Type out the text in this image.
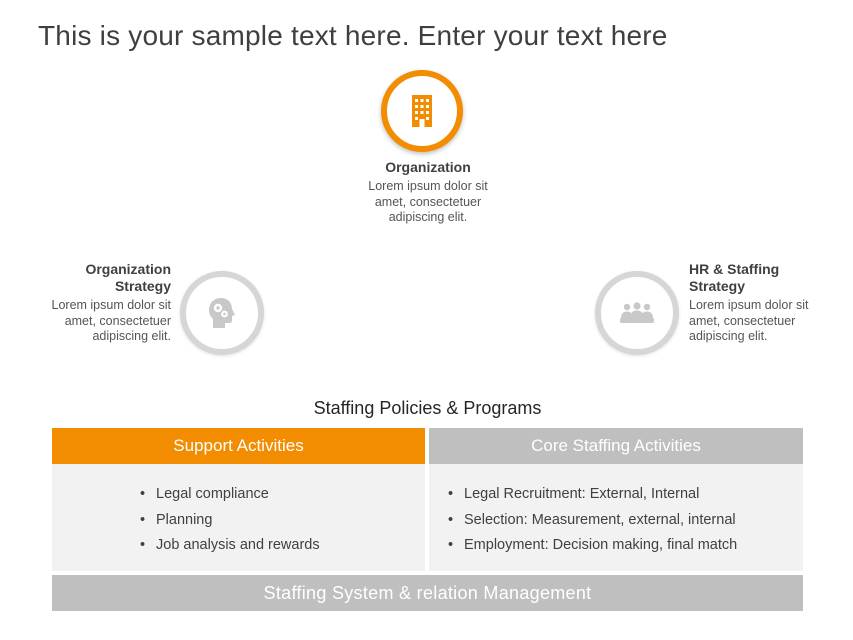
This is your sample text here. Enter your text here
Organization
Lorem ipsum dolor sit
amet, consectetuer
adipiscing elit.
Organization
Strategy
Lorem ipsum dolor sit
amet, consectetuer
adipiscing elit.
HR & Staffing
Strategy
Lorem ipsum dolor sit
amet, consectetuer
adipiscing elit.
Staffing Policies & Programs
Support Activities	Core Staffing Activities
• Legal compliance
• Planning
• Job analysis and rewards
• Legal Recruitment: External, Internal
• Selection: Measurement, external, internal
• Employment: Decision making, final match
Staffing System & relation Management
